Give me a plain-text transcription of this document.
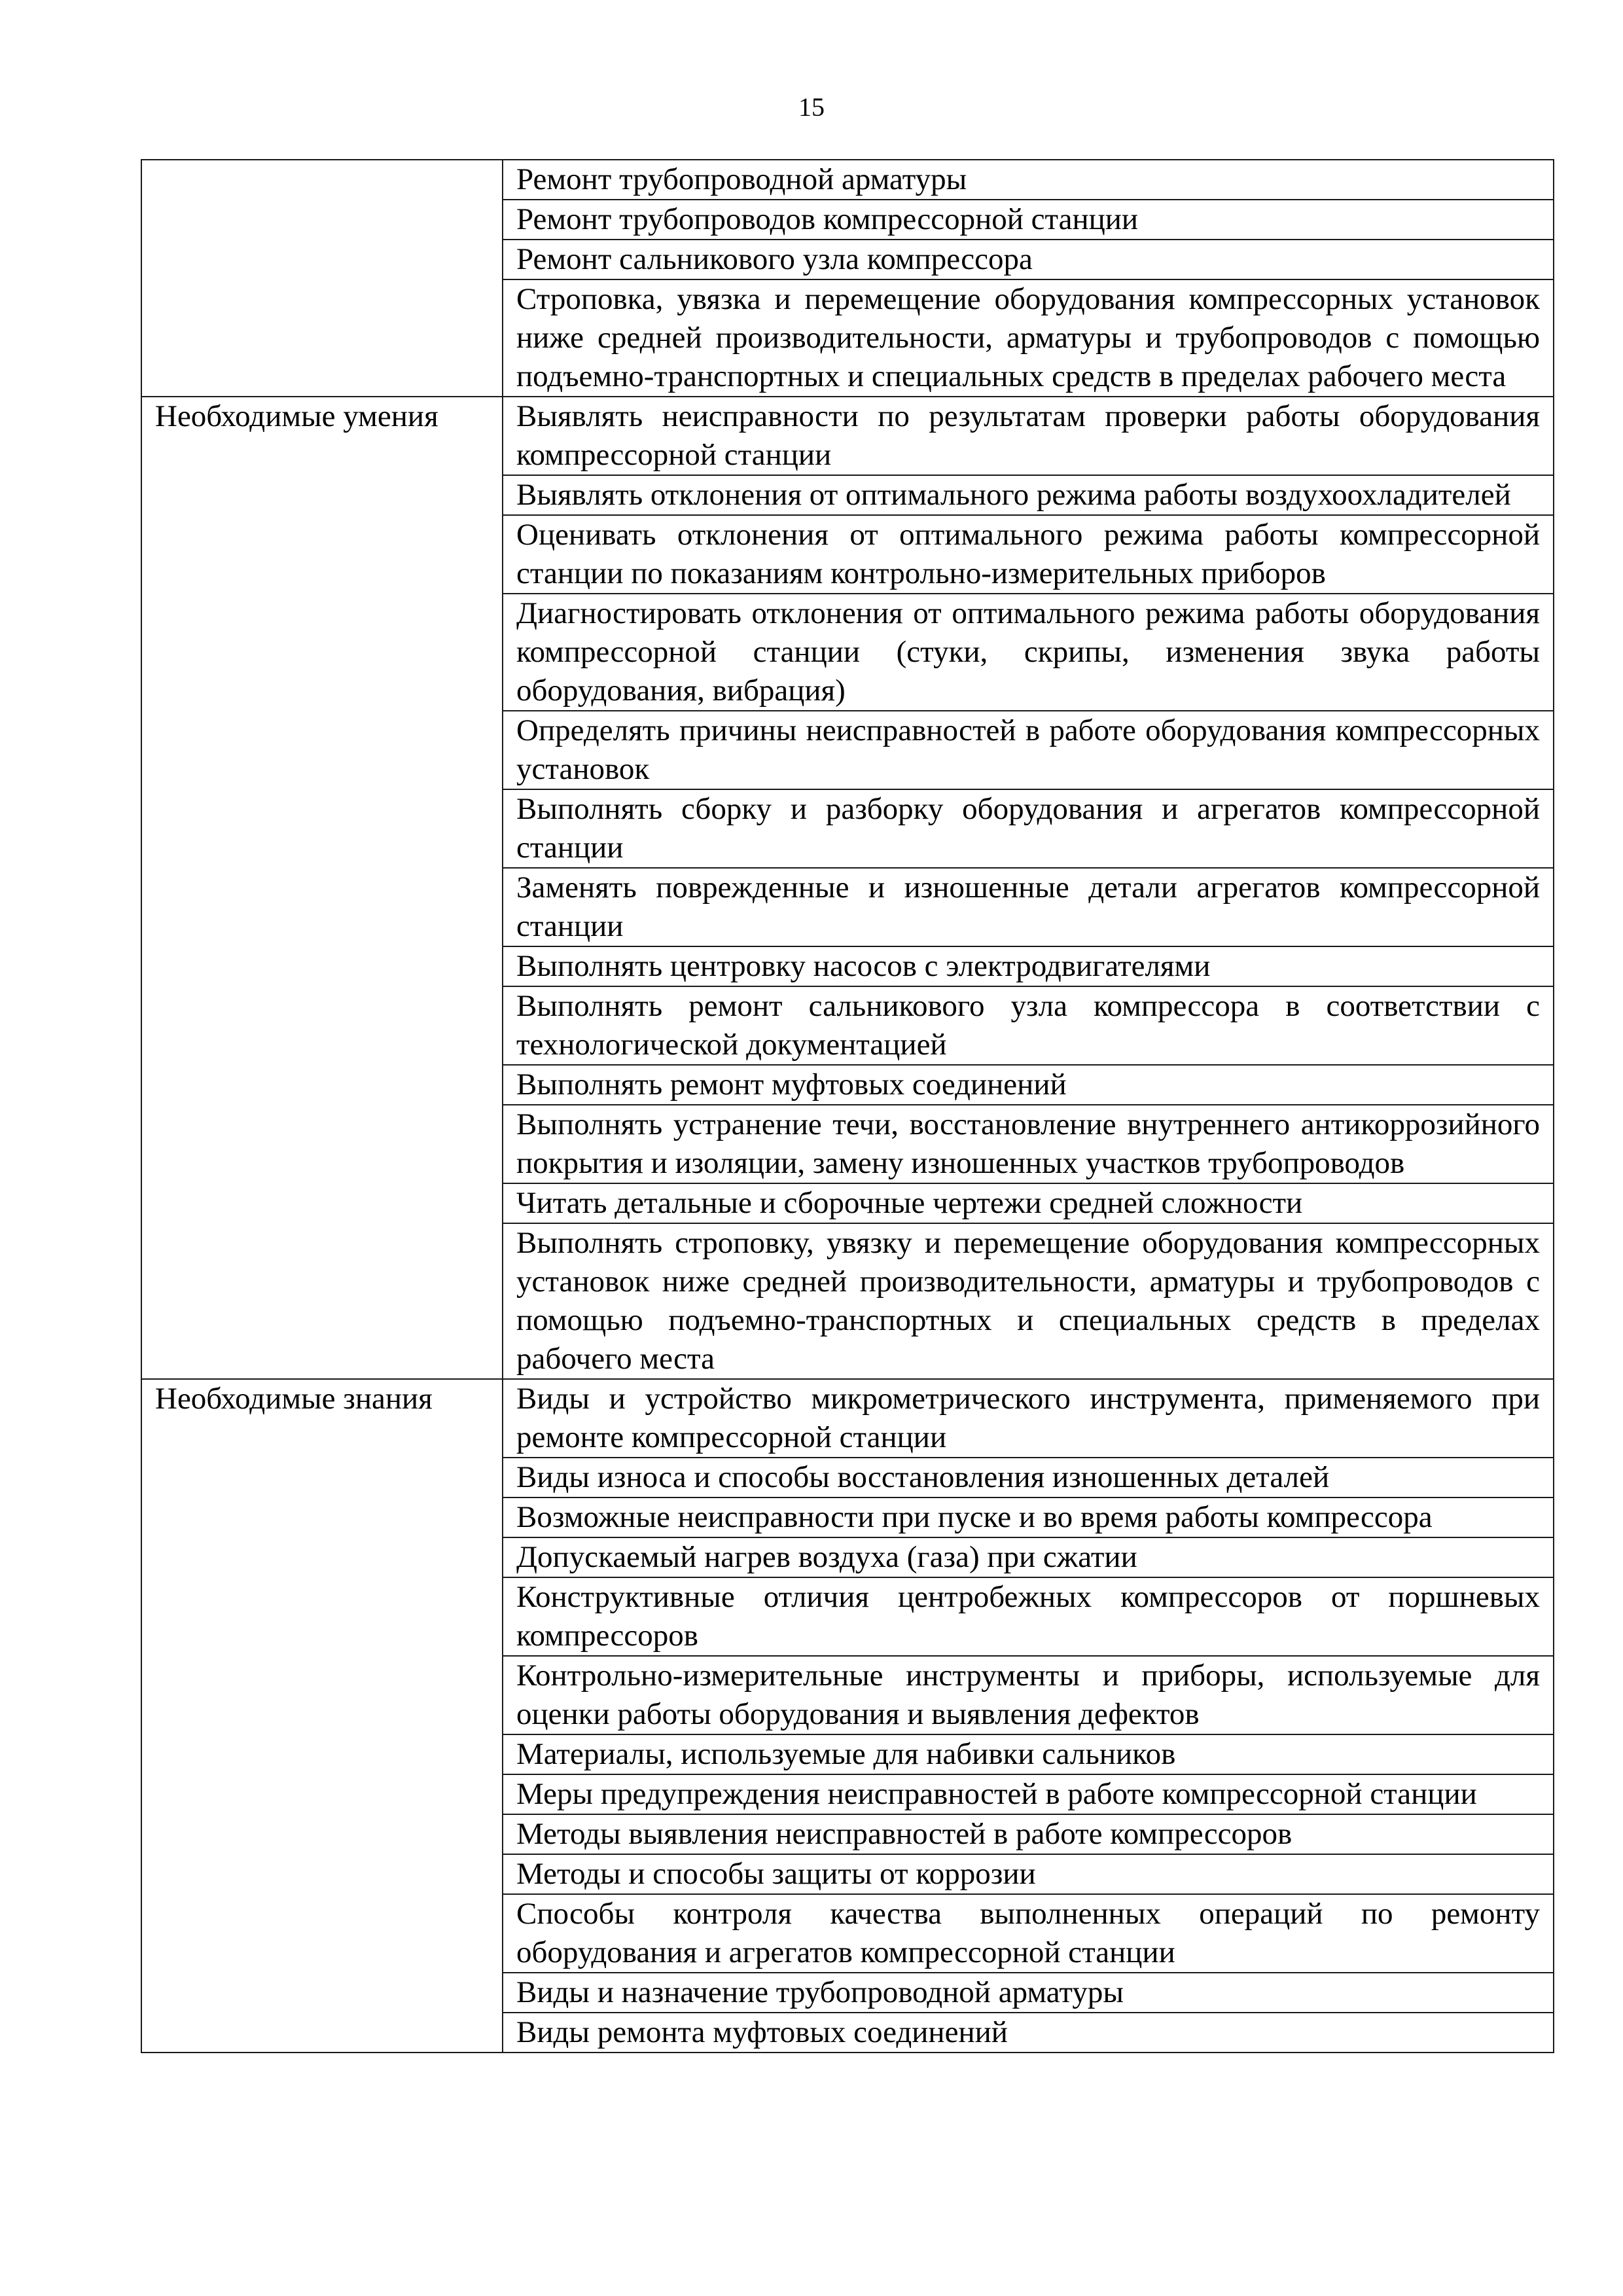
15
	Ремонт трубопроводной арматуры
	Ремонт трубопроводов компрессорной станции
	Ремонт сальникового узла компрессора
	Строповка, увязка и перемещение оборудования компрессорных установок ниже средней производительности, арматуры и трубопроводов с помощью подъемно-транспортных и специальных средств в пределах рабочего места
Необходимые умения	Выявлять неисправности по результатам проверки работы оборудования компрессорной станции
	Выявлять отклонения от оптимального режима работы воздухоохладителей
	Оценивать отклонения от оптимального режима работы компрессорной станции по показаниям контрольно-измерительных приборов
	Диагностировать отклонения от оптимального режима работы оборудования компрессорной станции (стуки, скрипы, изменения звука работы оборудования, вибрация)
	Определять причины неисправностей в работе оборудования компрессорных установок
	Выполнять сборку и разборку оборудования и агрегатов компрессорной станции
	Заменять поврежденные и изношенные детали агрегатов компрессорной станции
	Выполнять центровку насосов с электродвигателями
	Выполнять ремонт сальникового узла компрессора в соответствии с технологической документацией
	Выполнять ремонт муфтовых соединений
	Выполнять устранение течи, восстановление внутреннего антикоррозийного покрытия и изоляции, замену изношенных участков трубопроводов
	Читать детальные и сборочные чертежи средней сложности
	Выполнять строповку, увязку и перемещение оборудования компрессорных установок ниже средней производительности, арматуры и трубопроводов с помощью подъемно-транспортных и специальных средств в пределах рабочего места
Необходимые знания	Виды и устройство микрометрического инструмента, применяемого при ремонте компрессорной станции
	Виды износа и способы восстановления изношенных деталей
	Возможные неисправности при пуске и во время работы компрессора
	Допускаемый нагрев воздуха (газа) при сжатии
	Конструктивные отличия центробежных компрессоров от поршневых компрессоров
	Контрольно-измерительные инструменты и приборы, используемые для оценки работы оборудования и выявления дефектов
	Материалы, используемые для набивки сальников
	Меры предупреждения неисправностей в работе компрессорной станции
	Методы выявления неисправностей в работе компрессоров
	Методы и способы защиты от коррозии
	Способы контроля качества выполненных операций по ремонту оборудования и агрегатов компрессорной станции
	Виды и назначение трубопроводной арматуры
	Виды ремонта муфтовых соединений
